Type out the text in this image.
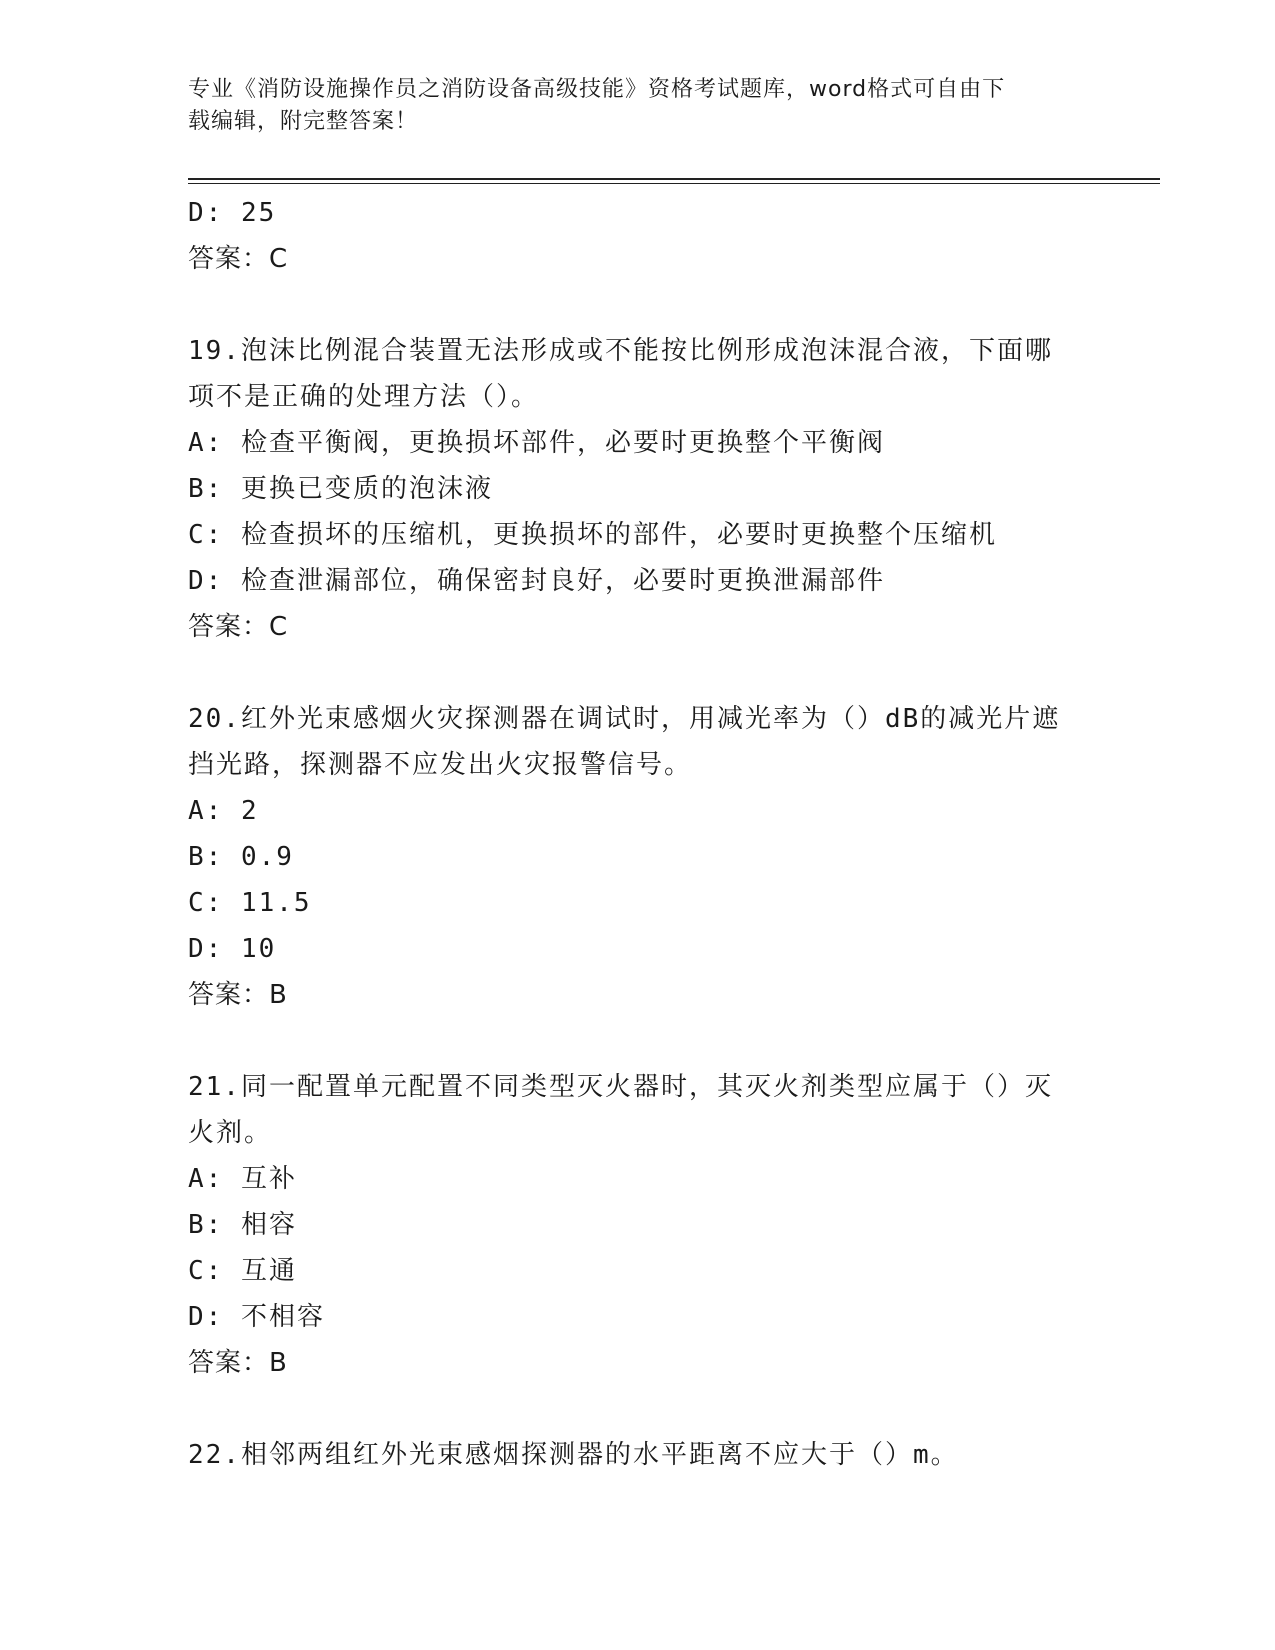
专业《消防设施操作员之消防设备高级技能》资格考试题库，word格式可自由下
载编辑，附完整答案！
D: 25
答案：C
19.泡沫比例混合装置无法形成或不能按比例形成泡沫混合液，下面哪
项不是正确的处理方法（）。
A: 检查平衡阀，更换损坏部件，必要时更换整个平衡阀
B: 更换已变质的泡沫液
C: 检查损坏的压缩机，更换损坏的部件，必要时更换整个压缩机
D: 检查泄漏部位，确保密封良好，必要时更换泄漏部件
答案：C
20.红外光束感烟火灾探测器在调试时，用减光率为（）dB的减光片遮
挡光路，探测器不应发出火灾报警信号。
A: 2
B: 0.9
C: 11.5
D: 10
答案：B
21.同一配置单元配置不同类型灭火器时，其灭火剂类型应属于（）灭
火剂。
A: 互补
B: 相容
C: 互通
D: 不相容
答案：B
22.相邻两组红外光束感烟探测器的水平距离不应大于（）m。
